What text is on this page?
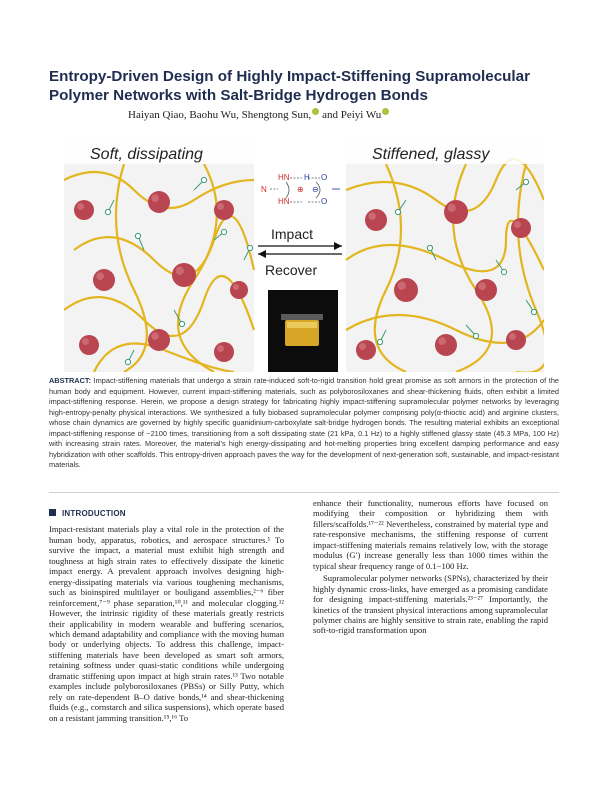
Entropy-Driven Design of Highly Impact-Stiffening Supramolecular Polymer Networks with Salt-Bridge Hydrogen Bonds
Haiyan Qiao, Baohu Wu, Shengtong Sun, and Peiyi Wu
Soft, dissipating	Stiffened, glassy
HN
HN
N	⊕
H O
O
⊖
Impact
Recover

ABSTRACT: Impact-stiffening materials that undergo a strain rate-induced soft-to-rigid transition hold great promise as soft armors in the protection of the human body and equipment. However, current impact-stiffening materials, such as polyborosiloxanes and shear-thickening fluids, often exhibit a limited impact-stiffening response. Herein, we propose a design strategy for fabricating highly impact-stiffening supramolecular polymer networks by leveraging high-entropy-penalty physical interactions. We synthesized a fully biobased supramolecular polymer comprising poly(α-thioctic acid) and arginine clusters, whose chain dynamics are governed by highly specific guanidinium-carboxylate salt-bridge hydrogen bonds. The resulting material exhibits an exceptional impact-stiffening response of ~2100 times, transitioning from a soft dissipating state (21 kPa, 0.1 Hz) to a highly stiffened glassy state (45.3 MPa, 100 Hz) with increasing strain rates. Moreover, the material's high energy-dissipating and hot-melting properties bring excellent damping performance and easy hybridization with other scaffolds. This entropy-driven approach paves the way for the development of next-generation soft, sustainable, and impact-resistant materials.

INTRODUCTION

Impact-resistant materials play a vital role in the protection of the human body, apparatus, robotics, and aerospace structures.¹ To survive the impact, a material must exhibit high strength and toughness at high strain rates to effectively dissipate the kinetic impact energy. A prevalent approach involves designing high-energy-dissipating materials via various toughening mechanisms, such as bioinspired multilayer or bouligand assemblies,²⁻⁶ fiber reinforcement,⁷⁻⁹ phase separation,¹⁰,¹¹ and molecular clogging.¹² However, the intrinsic rigidity of these materials greatly restricts their applicability in modern wearable and buffering scenarios, which demand adaptability and compliance with the moving human body or underlying objects. To address this challenge, impact-stiffening materials have been developed as smart soft armors, retaining softness under quasi-static conditions while undergoing dramatic stiffening upon impact at high strain rates.¹³ Two notable examples include polyborosiloxanes (PBSs) or Silly Putty, which rely on rate-dependent B–O dative bonds,¹⁴ and shear-thickening fluids (e.g., cornstarch and silica suspensions), which operate based on a resistant jamming transition.¹⁵,¹⁶ To

enhance their functionality, numerous efforts have focused on modifying their composition or hybridizing them with fillers/scaffolds.¹⁷⁻²² Nevertheless, constrained by material type and rate-responsive mechanisms, the stiffening response of current impact-stiffening materials remains relatively low, with the storage modulus (G′) increase generally less than 1000 times within the typical shear frequency range of 0.1−100 Hz.

Supramolecular polymer networks (SPNs), characterized by their highly dynamic cross-links, have emerged as a promising candidate for designing impact-stiffening materials.²³⁻²⁷ Importantly, the kinetics of the transient physical interactions among supramolecular polymer chains are highly sensitive to strain rate, enabling the rapid soft-to-rigid transformation upon
